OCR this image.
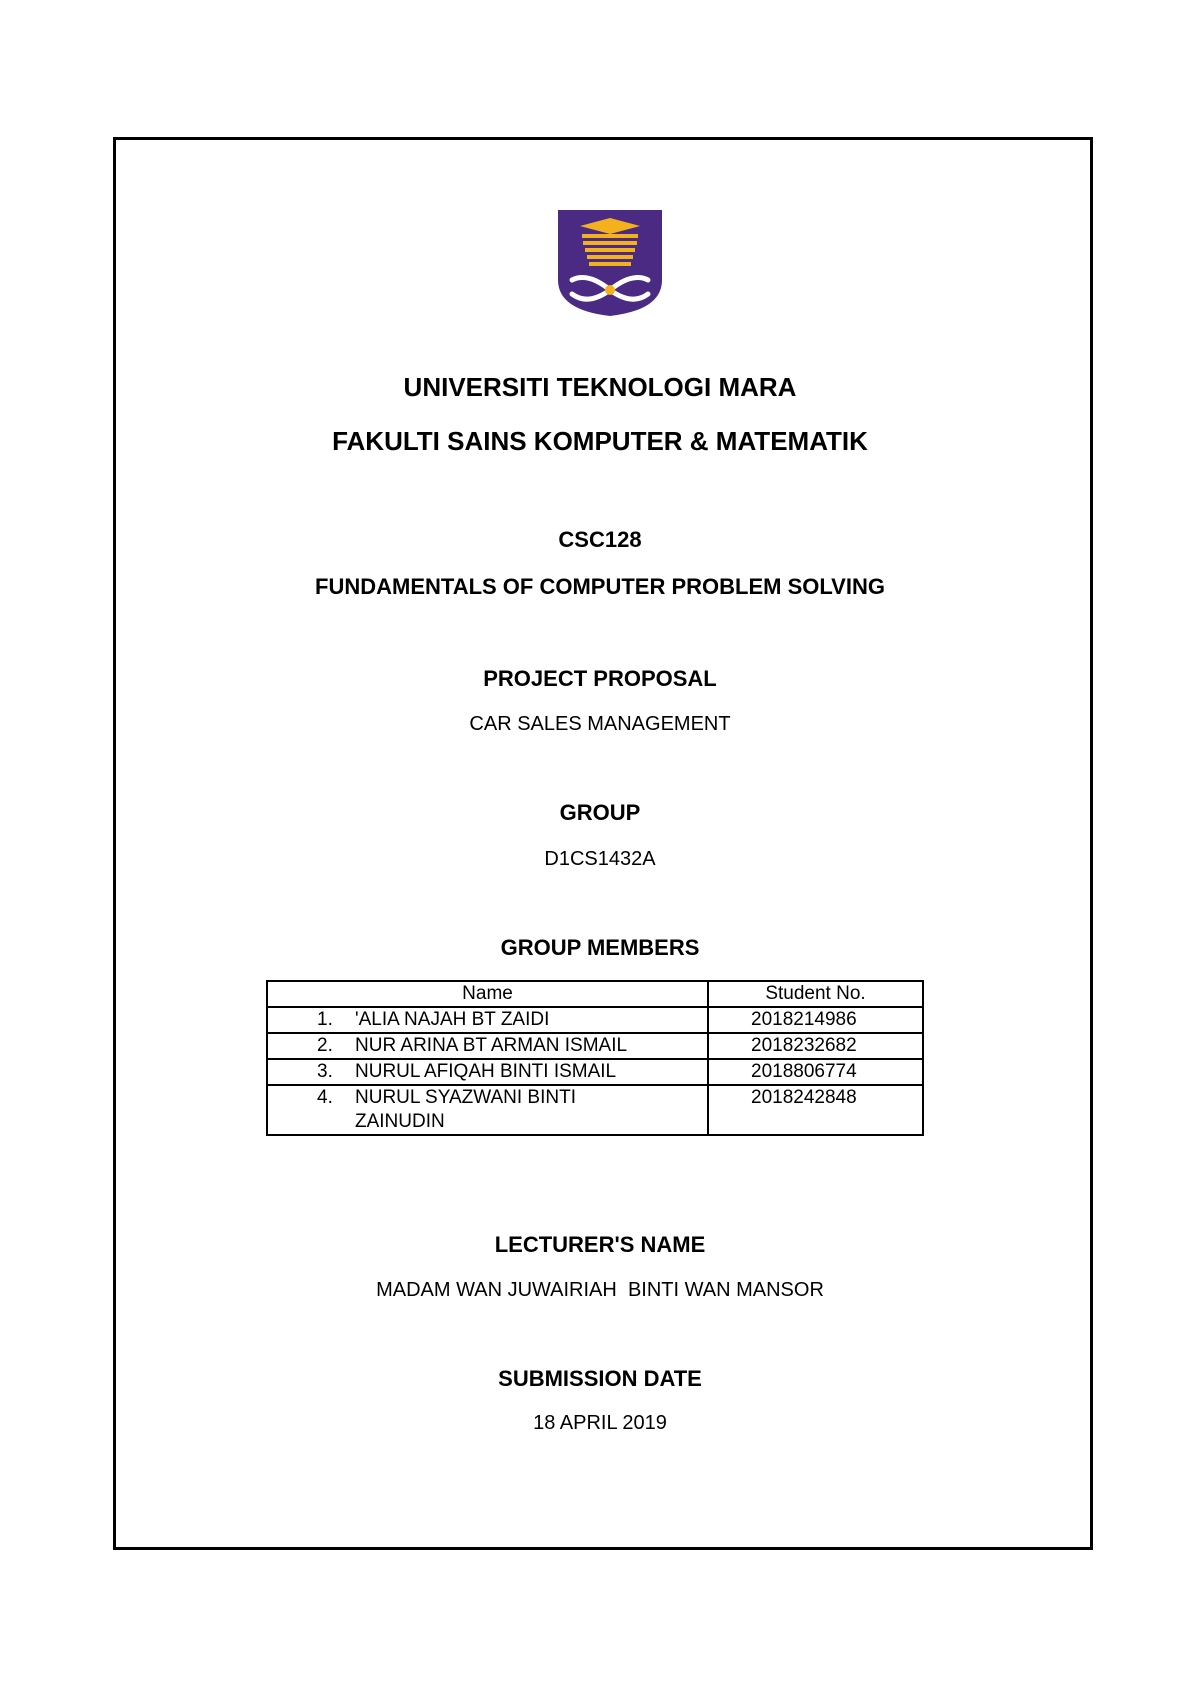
UNIVERSITI TEKNOLOGI MARA
FAKULTI SAINS KOMPUTER & MATEMATIK
CSC128
FUNDAMENTALS OF COMPUTER PROBLEM SOLVING
PROJECT PROPOSAL
CAR SALES MANAGEMENT
GROUP
D1CS1432A
GROUP MEMBERS
Name	Student No.

1. 'ALIA NAJAH BT ZAIDI	2018214986

2. NUR ARINA BT ARMAN ISMAIL	2018232682

3. NURUL AFIQAH BINTI ISMAIL	2018806774

4. NURUL SYAZWANI BINTI ZAINUDIN	2018242848
LECTURER'S NAME
MADAM WAN JUWAIRIAH  BINTI WAN MANSOR
SUBMISSION DATE
18 APRIL 2019
